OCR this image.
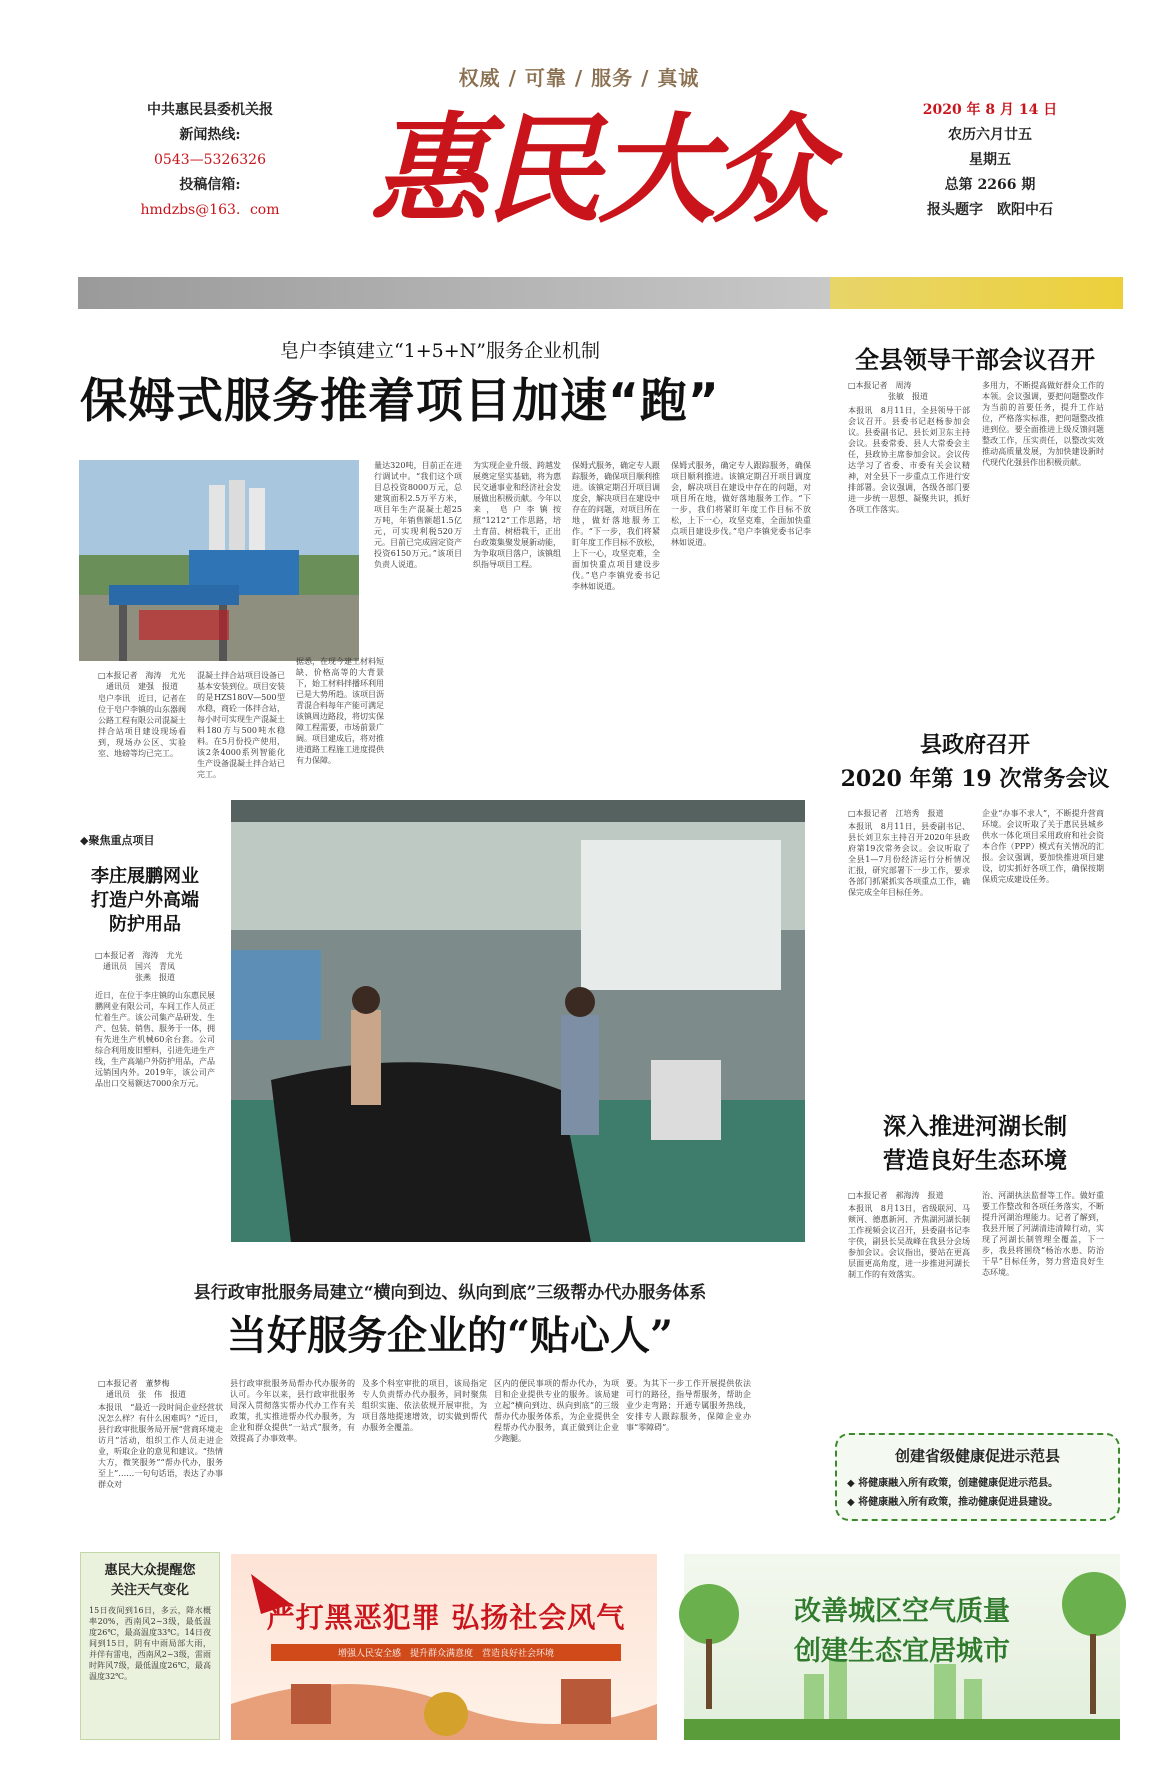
权威 / 可靠 / 服务 / 真诚
中共惠民县委机关报
新闻热线:
0543—5326326
投稿信箱:
hmdzbs@163．com 惠民大众	2020 年 8 月 14 日
农历六月廿五
星期五
总第 2266 期
报头题字　欧阳中石
皂户李镇建立“1+5+N”服务企业机制
保姆式服务推着项目加速“跑”
□本报记者　海涛　尤光
　通讯员　建强　报道
皂户李讯　近日，记者在位于皂户李镇的山东器阀公路工程有限公司混凝土拌合站项目建设现场看到，现场办公区、实验室、地磅等均已完工。
混凝土拌合站项目设备已基本安装到位。项目安装的是HZS180V—500型水稳，商砼一体拌合站，每小时可实现生产混凝土料180方与500吨水稳料。在5月份投产使用，该2条4000系列智能化生产设备混凝土拌合站已完工。
据悉，在现今建工材料短缺、价格高等的大背景下，始工材料拌播环利用已是大势所趋。该项目沥青混合料每年产能可满足该镇周边路段，将切实保障工程需要，市场前景广阔。项目建成后，将对推进道路工程施工进度提供有力保障。
量达320吨，目前正在进行调试中。“我们这个项目总投资8000万元，总建筑面积2.5万平方米，项目年生产混凝土超25万吨，年销售额超1.5亿元，可实现利税520万元。目前已完成固定资产投资6150万元。”该项目负责人说道。
为实现企业升级、跨越发展奠定坚实基础，将为惠民交通事业和经济社会发展做出积极贡献。今年以来，皂户李镇按照“1212”工作思路，培土育苗、树梧栽干，正出台政策集聚发展新动能，为争取项目落户，该镇组织指导项目工程。
保姆式服务，确定专人跟踪服务，确保项目顺利推进。该镇定期召开项目调度会，解决项目在建设中存在的问题，对项目所在地，做好落地服务工作。“下一步，我们将紧盯年度工作目标不放松，上下一心，攻坚克难，全面加快重点项目建设步伐。”皂户李镇党委书记李林如说道。
保姆式服务，确定专人跟踪服务，确保项目顺利推进。该镇定期召开项目调度会，解决项目在建设中存在的问题，对项目所在地，做好落地服务工作。“下一步，我们将紧盯年度工作目标不放松，上下一心，攻坚克难，全面加快重点项目建设步伐。”皂户李镇党委书记李林如说道。
全县领导干部会议召开
□本报记者　周涛
　　　　　张敏　报道
本报讯　8月11日，全县领导干部会议召开。县委书记赵杨参加会议。县委副书记、县长刘卫东主持会议。县委常委、县人大常委会主任，县政协主席参加会议。会议传达学习了省委、市委有关会议精神，对全县下一步重点工作进行安排部署。会议强调，各级各部门要进一步统一思想、凝聚共识，抓好各项工作落实。
多用力，不断提高做好群众工作的本领。会议强调，要把问题整改作为当前的首要任务，提升工作站位，严格落实标准，把问题整改推进到位。要全面推进上级反馈问题整改工作，压实责任，以整改实效推动高质量发展，为加快建设新时代现代化强县作出积极贡献。
县政府召开
2020 年第 19 次常务会议
□本报记者　江培秀　报道
本报讯　8月11日，县委副书记、县长刘卫东主持召开2020年县政府第19次常务会议。会议听取了全县1—7月份经济运行分析情况汇报，研究部署下一步工作，要求各部门抓紧抓实各项重点工作，确保完成全年目标任务。
企业“办事不求人”，不断提升营商环境。会议听取了关于惠民县城乡供水一体化项目采用政府和社会资本合作（PPP）模式有关情况的汇报。会议强调，要加快推进项目建设，切实抓好各项工作，确保按期保质完成建设任务。
深入推进河湖长制
营造良好生态环境
□本报记者　郝海涛　报道
本报讯　8月13日，省级联河、马颊河、德惠新河、齐焦湖河湖长制工作视频会议召开，县委副书记李宇侠，副县长吴战峰在我县分会场参加会议。会议指出，要站在更高层面更高角度，进一步推进河湖长制工作的有效落实。
治、河湖执法监督等工作。做好重要工作整改和各项任务落实，不断提升河湖治理能力。记者了解到，我县开展了河湖清违清障行动，实现了河湖长制管理全覆盖，下一步，我县将围绕“杨治水患、防治干旱”目标任务，努力营造良好生态环境。
◆聚焦重点项目
李庄展鹏网业打造户外高端防护用品
□本报记者　海涛　尤光
　通讯员　国兴　青凤
　　　　　张燕　报道
近日，在位于李庄镇的山东惠民展鹏网业有限公司，车间工作人员正忙着生产。该公司集产品研发、生产、包装、销售、服务于一体，拥有先进生产机械60余台套。公司综合利用废旧塑料，引进先进生产线，生产高端户外防护用品，产品远销国内外。2019年，该公司产品出口交易额达7000余万元。
县行政审批服务局建立“横向到边、纵向到底”三级帮办代办服务体系
当好服务企业的“贴心人”
□本报记者　董梦梅
　通讯员　张　伟　报道
本报讯　“最近一段时间企业经营状况怎么样？有什么困难吗？”近日，县行政审批服务局开展“营商环境走访月”活动，组织工作人员走进企业，听取企业的意见和建议。“热情大方，微笑服务”“帮办代办，服务至上”……一句句话语，表达了办事群众对
县行政审批服务局帮办代办服务的认可。今年以来，县行政审批服务局深入贯彻落实帮办代办工作有关政策，扎实推进帮办代办服务，为企业和群众提供“一站式”服务，有效提高了办事效率。
及多个科室审批的项目，该局指定专人负责帮办代办服务，同时聚焦组织实施、依法依规开展审批，为项目落地提速增效，切实做到帮代办服务全覆盖。
区内的便民事项的帮办代办，为项目和企业提供专业的服务。该局建立起“横向到边、纵向到底”的三级帮办代办服务体系，为企业提供全程帮办代办服务，真正做到让企业少跑腿。
要。为其下一步工作开展提供依法可行的路径，指导帮服务，帮助企业少走弯路；开通专属服务热线，安排专人跟踪服务，保障企业办事“零障碍”。
创建省级健康促进示范县
◆ 将健康融入所有政策，创建健康促进示范县。
◆ 将健康融入所有政策，推动健康促进县建设。
惠民大众提醒您
关注天气变化
15日夜间到16日，多云，降水概率20%，西南风2~3级，最低温度26℃，最高温度33℃。14日夜间到15日，阴有中雨局部大雨，并伴有雷电，西南风2~3级，雷雨时阵风7级，最低温度26℃，最高温度32℃。
严打黑恶犯罪 弘扬社会风气
增强人民安全感　提升群众满意度　营造良好社会环境
改善城区空气质量
创建生态宜居城市
